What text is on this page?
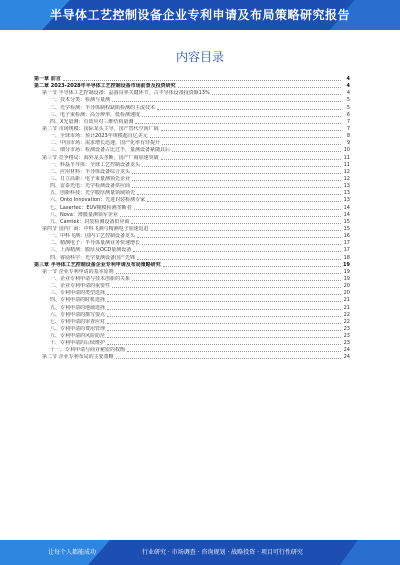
半导体工艺控制设备企业专利申请及布局策略研究报告
内容目录
第一章 前言	4
第二章 2023-2028年半导体工艺控制设备市场前景及投资研究	4
第一节 半导体工艺控制设备：晶圆良率关键环节，占半导体设备投资额13%	4
一、技术分类：检测与量测	5
二、光学检测：半导体制程缺陷检测的主流技术	5
三、电子束检测：高分辨率，低检测速度	6
四、X光量测：有效应对三维结构量测	7
第二节 市场规模：国际龙头主导，国产替代空间广阔	7
一、全球市场：预计2023年规模超百亿美元	8
二、中国市场：需求增长迅速，国产化率有待提升	9
三、细分市场：检测设备占比过半，量测设备紧随其后	10
第三节 竞争格局：海外龙头垄断，国产厂商加速突破	11
一、科磊半导体：全球工艺控制设备龙头	11
二、应用材料：半导体设备综合龙头	12
三、日立高新：电子束量测领先企业	12
四、雷泰光电：光学检测设备供应商	13
五、创新科技：光学膜厚测量领域领先	13
六、Onto Innovation：先进封装检测专家	13
七、Lasertec：EUV掩模检测垄断者	14
八、Nova：薄膜量测领军企业	14
九、Camtek：封装检测设备供应商	15
第四节 国内厂商：中科飞测与精测电子加速追赶	15
一、中科飞测：国内工艺控制设备龙头	16
二、精测电子：半导体量测业务快速增长	17
三、上海精测：膜厚及OCD量测设备	17
四、睿励科学：光学量测设备国产先锋	18
第三章 半导体工艺控制设备企业专利申请及布局策略研究	19
第一节 企业专利申请的基本原则	19
一、企业专利申请与技术创新的关系	19
二、企业专利申请的重要性	20
三、专利申请的类型选择	20
四、专利申请的时机选择	21
五、专利申请的地域选择	21
六、专利申请的撰写要点	22
七、专利申请的审查应对	22
八、专利申请的费用管理	23
九、专利申请的风险防范	23
十、专利申请的后续维护	23
十一、专利申请与商业秘密的权衡	24
第二节 企业专利布局的主要策略	24
让每个人都能成功	行业研究 · 市场调查 · 咨询规划 · 战略投资 · 项目可行性研究
